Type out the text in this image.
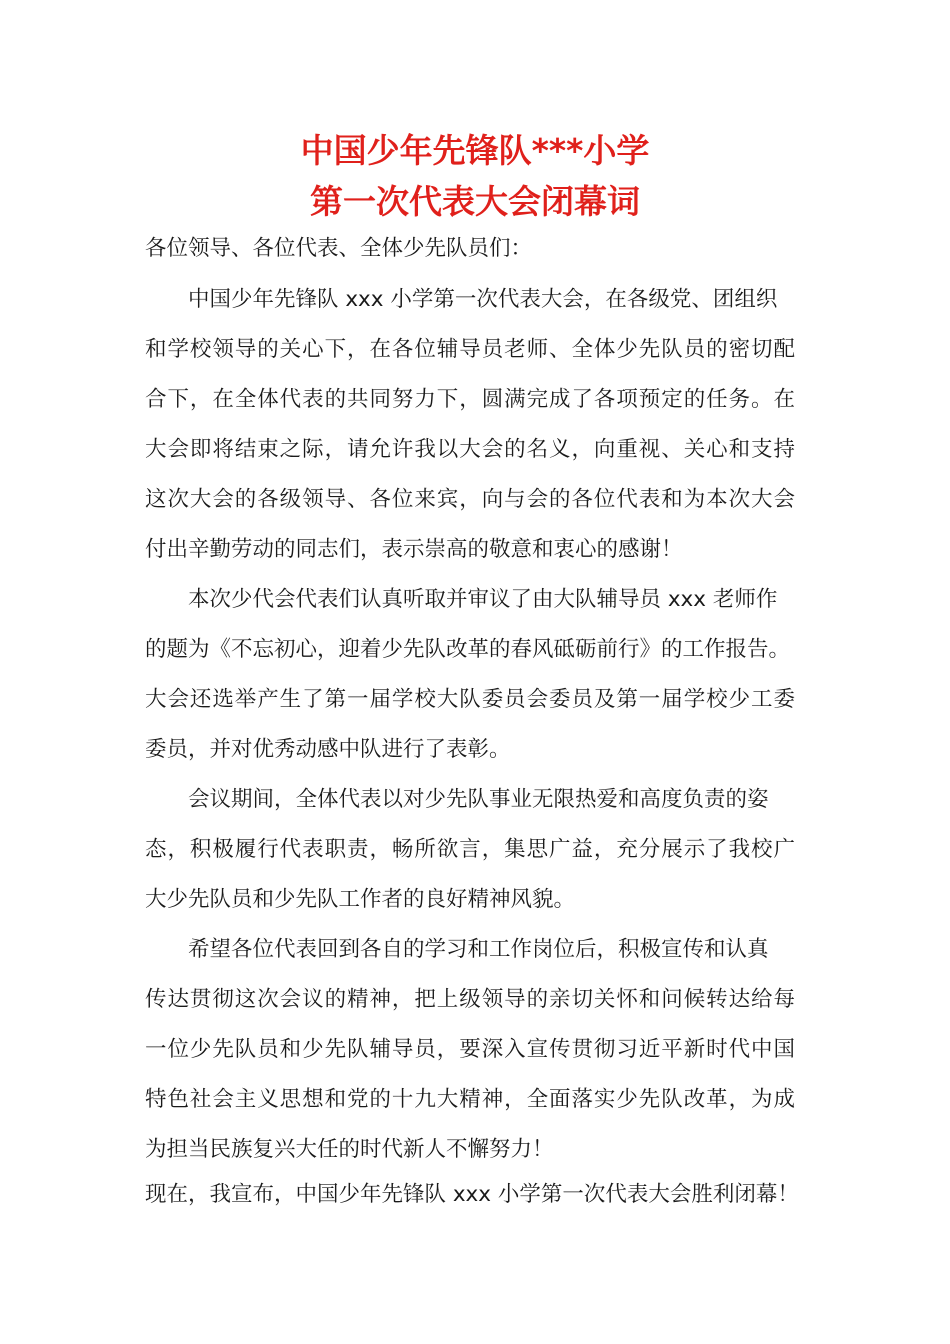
中国少年先锋队***小学
第一次代表大会闭幕词
各位领导、各位代表、全体少先队员们：
中国少年先锋队 xxx 小学第一次代表大会，在各级党、团组织
和学校领导的关心下，在各位辅导员老师、全体少先队员的密切配
合下，在全体代表的共同努力下，圆满完成了各项预定的任务。在
大会即将结束之际，请允许我以大会的名义，向重视、关心和支持
这次大会的各级领导、各位来宾，向与会的各位代表和为本次大会
付出辛勤劳动的同志们，表示崇高的敬意和衷心的感谢！
本次少代会代表们认真听取并审议了由大队辅导员 xxx 老师作
的题为《不忘初心，迎着少先队改革的春风砥砺前行》的工作报告。
大会还选举产生了第一届学校大队委员会委员及第一届学校少工委
委员，并对优秀动感中队进行了表彰。
会议期间，全体代表以对少先队事业无限热爱和高度负责的姿
态，积极履行代表职责，畅所欲言，集思广益，充分展示了我校广
大少先队员和少先队工作者的良好精神风貌。
希望各位代表回到各自的学习和工作岗位后，积极宣传和认真
传达贯彻这次会议的精神，把上级领导的亲切关怀和问候转达给每
一位少先队员和少先队辅导员，要深入宣传贯彻习近平新时代中国
特色社会主义思想和党的十九大精神，全面落实少先队改革，为成
为担当民族复兴大任的时代新人不懈努力！
现在，我宣布，中国少年先锋队 xxx 小学第一次代表大会胜利闭幕！
